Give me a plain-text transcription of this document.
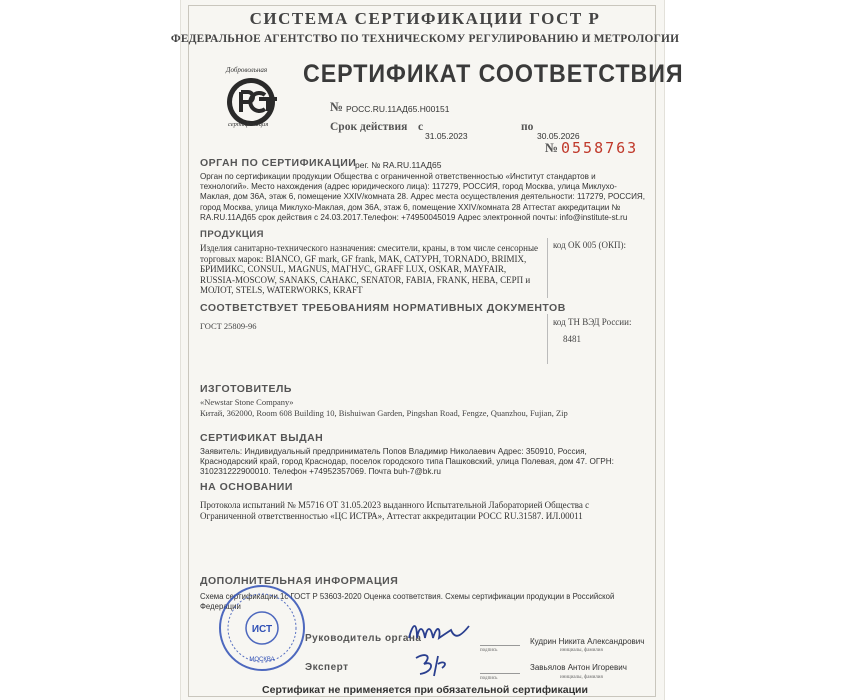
СИСТЕМА СЕРТИФИКАЦИИ ГОСТ Р
ФЕДЕРАЛЬНОЕ АГЕНТСТВО ПО ТЕХНИЧЕСКОМУ РЕГУЛИРОВАНИЮ И МЕТРОЛОГИИ
Добровольная
сертификация
СЕРТИФИКАТ СООТВЕТСТВИЯ
№ РОСС.RU.11АД65.Н00151
Срок действия с
31.05.2023
по
30.05.2026
№ 0558763
ОРГАН ПО СЕРТИФИКАЦИИ
рег. № RA.RU.11АД65
Орган по сертификации продукции Общества с ограниченной ответственностью «Институт стандартов и технологий». Место нахождения (адрес юридического лица): 117279, РОССИЯ, город Москва, улица Миклухо-Маклая, дом 36А, этаж 6, помещение XXIV/комната 28. Адрес места осуществления деятельности: 117279, РОССИЯ, город Москва, улица Миклухо-Маклая, дом 36А, этаж 6, помещение XXIV/комната 28 Аттестат аккредитации № RA.RU.11АД65 срок действия с 24.03.2017.Телефон: +74950045019 Адрес электронной почты: info@institute-st.ru
ПРОДУКЦИЯ
Изделия санитарно-технического назначения: смесители, краны, в том числе сенсорные торговых марок: BIANCO, GF mark, GF frank, MAK, САТУРН, TORNADO, BRIMIX, БРИМИКС, CONSUL, MAGNUS, МАГНУС, GRAFF LUX, OSKAR, MAYFAIR, RUSSIA-MOSCOW, SANAKS, САНАКС, SENATOR, FABIA, FRANK, НЕВА, СЕРП и МОЛОТ, STELS, WATERWORKS, KRAFT
код ОК 005 (ОКП):
СООТВЕТСТВУЕТ ТРЕБОВАНИЯМ НОРМАТИВНЫХ ДОКУМЕНТОВ
ГОСТ 25809-96	код ТН ВЭД России:
8481
ИЗГОТОВИТЕЛЬ
«Newstar Stone Company»
Китай, 362000, Room 608 Building 10, Bishuiwan Garden, Pingshan Road, Fengze, Quanzhou, Fujian, Zip
СЕРТИФИКАТ ВЫДАН
Заявитель: Индивидуальный предприниматель Попов Владимир Николаевич Адрес: 350910, Россия, Краснодарский край, город Краснодар, поселок городского типа Пашковский, улица Полевая, дом 47. ОГРН: 310231222900010. Телефон +74952357069. Почта buh-7@bk.ru
НА ОСНОВАНИИ
Протокола испытаний № М5716 ОТ 31.05.2023 выданного Испытательной Лабораторией Общества с Ограниченной ответственностью «ЦС ИСТРА», Аттестат аккредитации РОСС RU.31587. ИЛ.00011
ДОПОЛНИТЕЛЬНАЯ ИНФОРМАЦИЯ
Схема сертификации 1с ГОСТ Р 53603-2020 Оценка соответствия. Схемы сертификации продукции в Российской Федерации
Руководитель органа
подпись
Кудрин Никита Александрович
инициалы, фамилия
Эксперт
подпись
Завьялов Антон Игоревич
инициалы, фамилия
ИСТ
МОСКВА
Сертификат не применяется при обязательной сертификации
